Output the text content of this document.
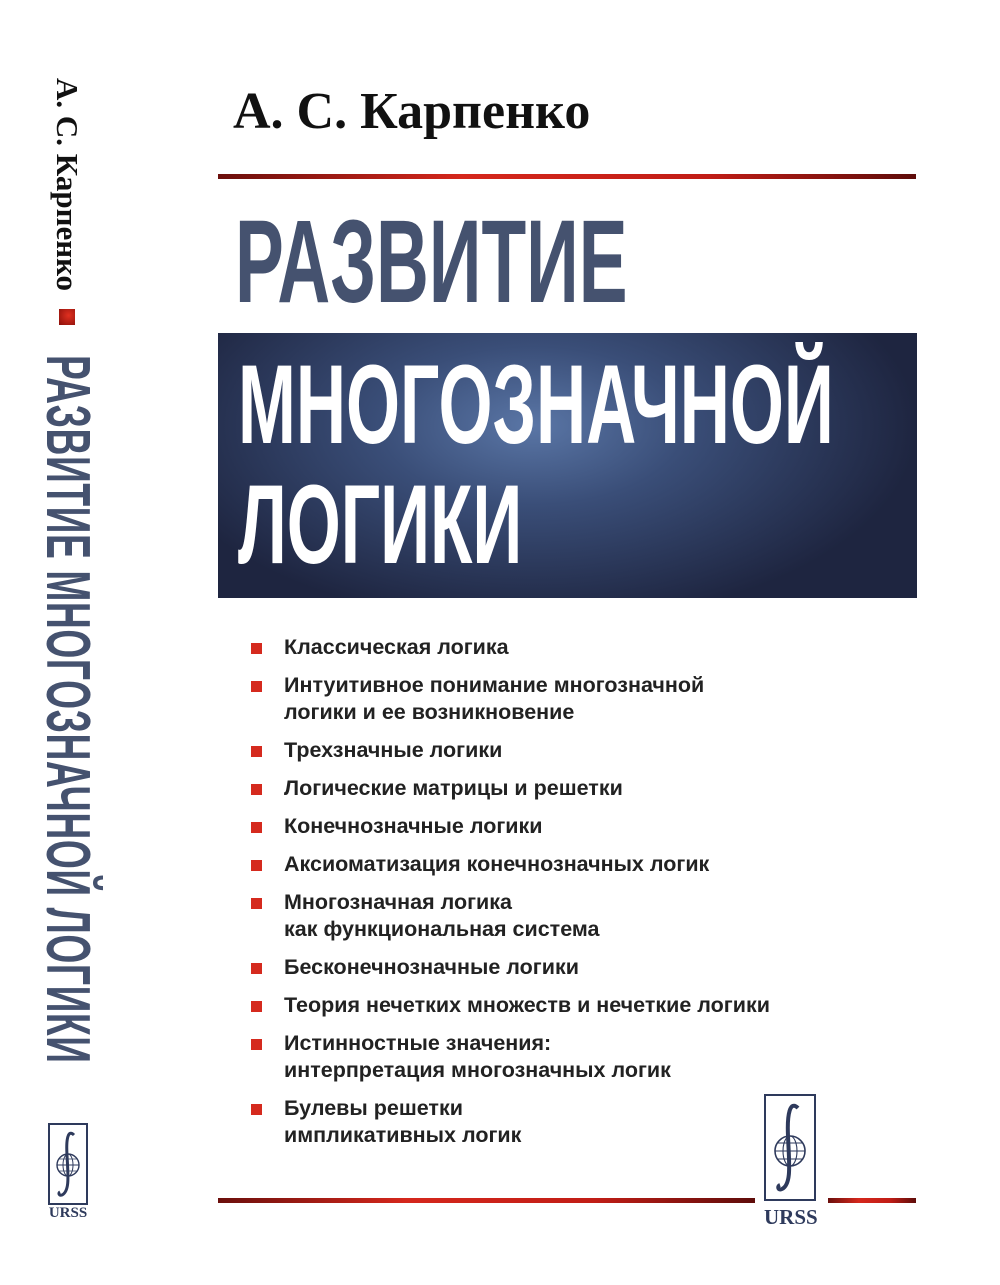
А. С. Карпенко
РАЗВИТИЕ МНОГОЗНАЧНОЙ ЛОГИКИ
URSS
А. С. Карпенко
РАЗВИТИЕ
МНОГОЗНАЧНОЙ
ЛОГИКИ
Классическая логика
Интуитивное понимание многозначной
логики и ее возникновение
Трехзначные логики
Логические матрицы и решетки
Конечнозначные логики
Аксиоматизация конечнозначных логик
Многозначная логика
как функциональная система
Бесконечнозначные логики
Теория нечетких множеств и нечеткие логики
Истинностные значения:
интерпретация многозначных логик
Булевы решетки
импликативных логик
URSS
